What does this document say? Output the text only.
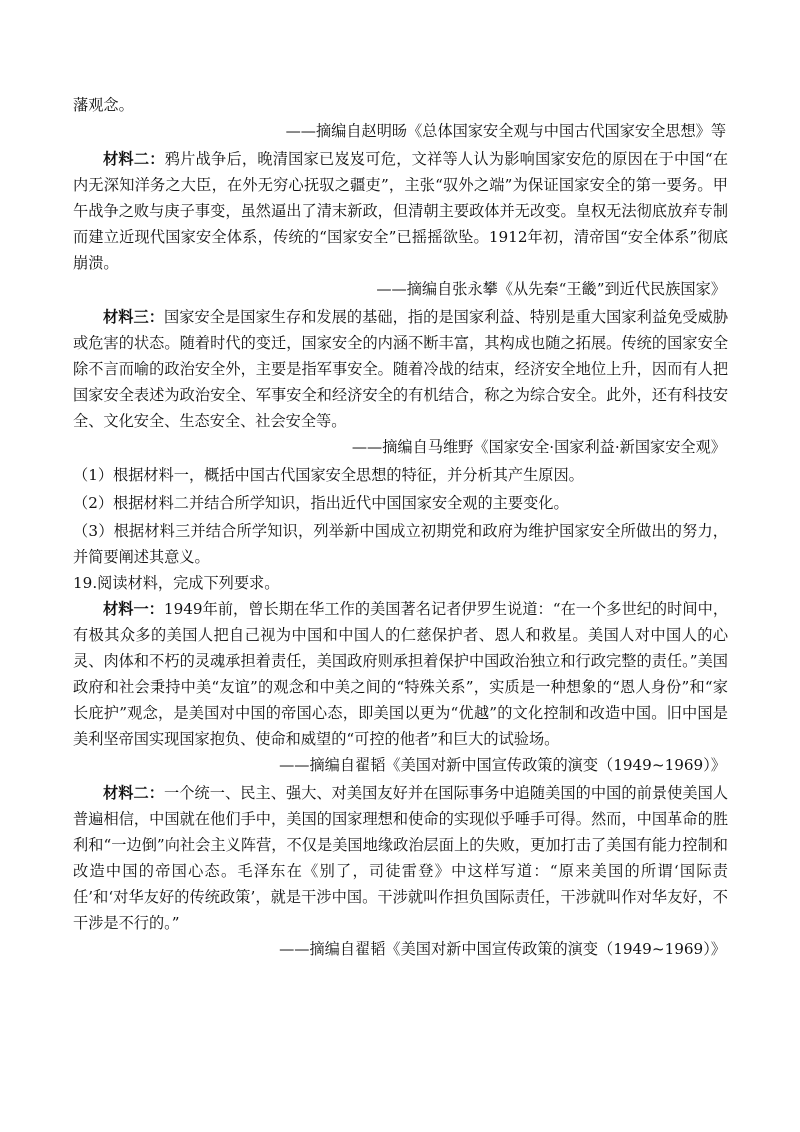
藩观念。

——摘编自赵明旸《总体国家安全观与中国古代国家安全思想》等

材料二：鸦片战争后，晚清国家已岌岌可危，文祥等人认为影响国家安危的原因在于中国“在内无深知洋务之大臣，在外无穷心抚驭之疆吏”，主张“驭外之端”为保证国家安全的第一要务。甲午战争之败与庚子事变，虽然逼出了清末新政，但清朝主要政体并无改变。皇权无法彻底放弃专制而建立近现代国家安全体系，传统的“国家安全”已摇摇欲坠。1912年初，清帝国“安全体系”彻底崩溃。

——摘编自张永攀《从先秦“王畿”到近代民族国家》

材料三：国家安全是国家生存和发展的基础，指的是国家利益、特别是重大国家利益免受威胁或危害的状态。随着时代的变迁，国家安全的内涵不断丰富，其构成也随之拓展。传统的国家安全除不言而喻的政治安全外，主要是指军事安全。随着冷战的结束，经济安全地位上升，因而有人把国家安全表述为政治安全、军事安全和经济安全的有机结合，称之为综合安全。此外，还有科技安全、文化安全、生态安全、社会安全等。

——摘编自马维野《国家安全·国家利益·新国家安全观》

（1）根据材料一，概括中国古代国家安全思想的特征，并分析其产生原因。

（2）根据材料二并结合所学知识，指出近代中国国家安全观的主要变化。

（3）根据材料三并结合所学知识，列举新中国成立初期党和政府为维护国家安全所做出的努力，并简要阐述其意义。

19.阅读材料，完成下列要求。

材料一：1949年前，曾长期在华工作的美国著名记者伊罗生说道：“在一个多世纪的时间中，有极其众多的美国人把自己视为中国和中国人的仁慈保护者、恩人和救星。美国人对中国人的心灵、肉体和不朽的灵魂承担着责任，美国政府则承担着保护中国政治独立和行政完整的责任。”美国政府和社会秉持中美“友谊”的观念和中美之间的“特殊关系”，实质是一种想象的“恩人身份”和“家长庇护”观念，是美国对中国的帝国心态，即美国以更为“优越”的文化控制和改造中国。旧中国是美利坚帝国实现国家抱负、使命和威望的“可控的他者”和巨大的试验场。

——摘编自翟韬《美国对新中国宣传政策的演变（1949~1969）》

材料二：一个统一、民主、强大、对美国友好并在国际事务中追随美国的中国的前景使美国人普遍相信，中国就在他们手中，美国的国家理想和使命的实现似乎唾手可得。然而，中国革命的胜利和“一边倒”向社会主义阵营，不仅是美国地缘政治层面上的失败，更加打击了美国有能力控制和改造中国的帝国心态。毛泽东在《别了，司徒雷登》中这样写道：“原来美国的所谓‘国际责任’和‘对华友好的传统政策’，就是干涉中国。干涉就叫作担负国际责任，干涉就叫作对华友好，不干涉是不行的。”

——摘编自翟韬《美国对新中国宣传政策的演变（1949~1969）》
